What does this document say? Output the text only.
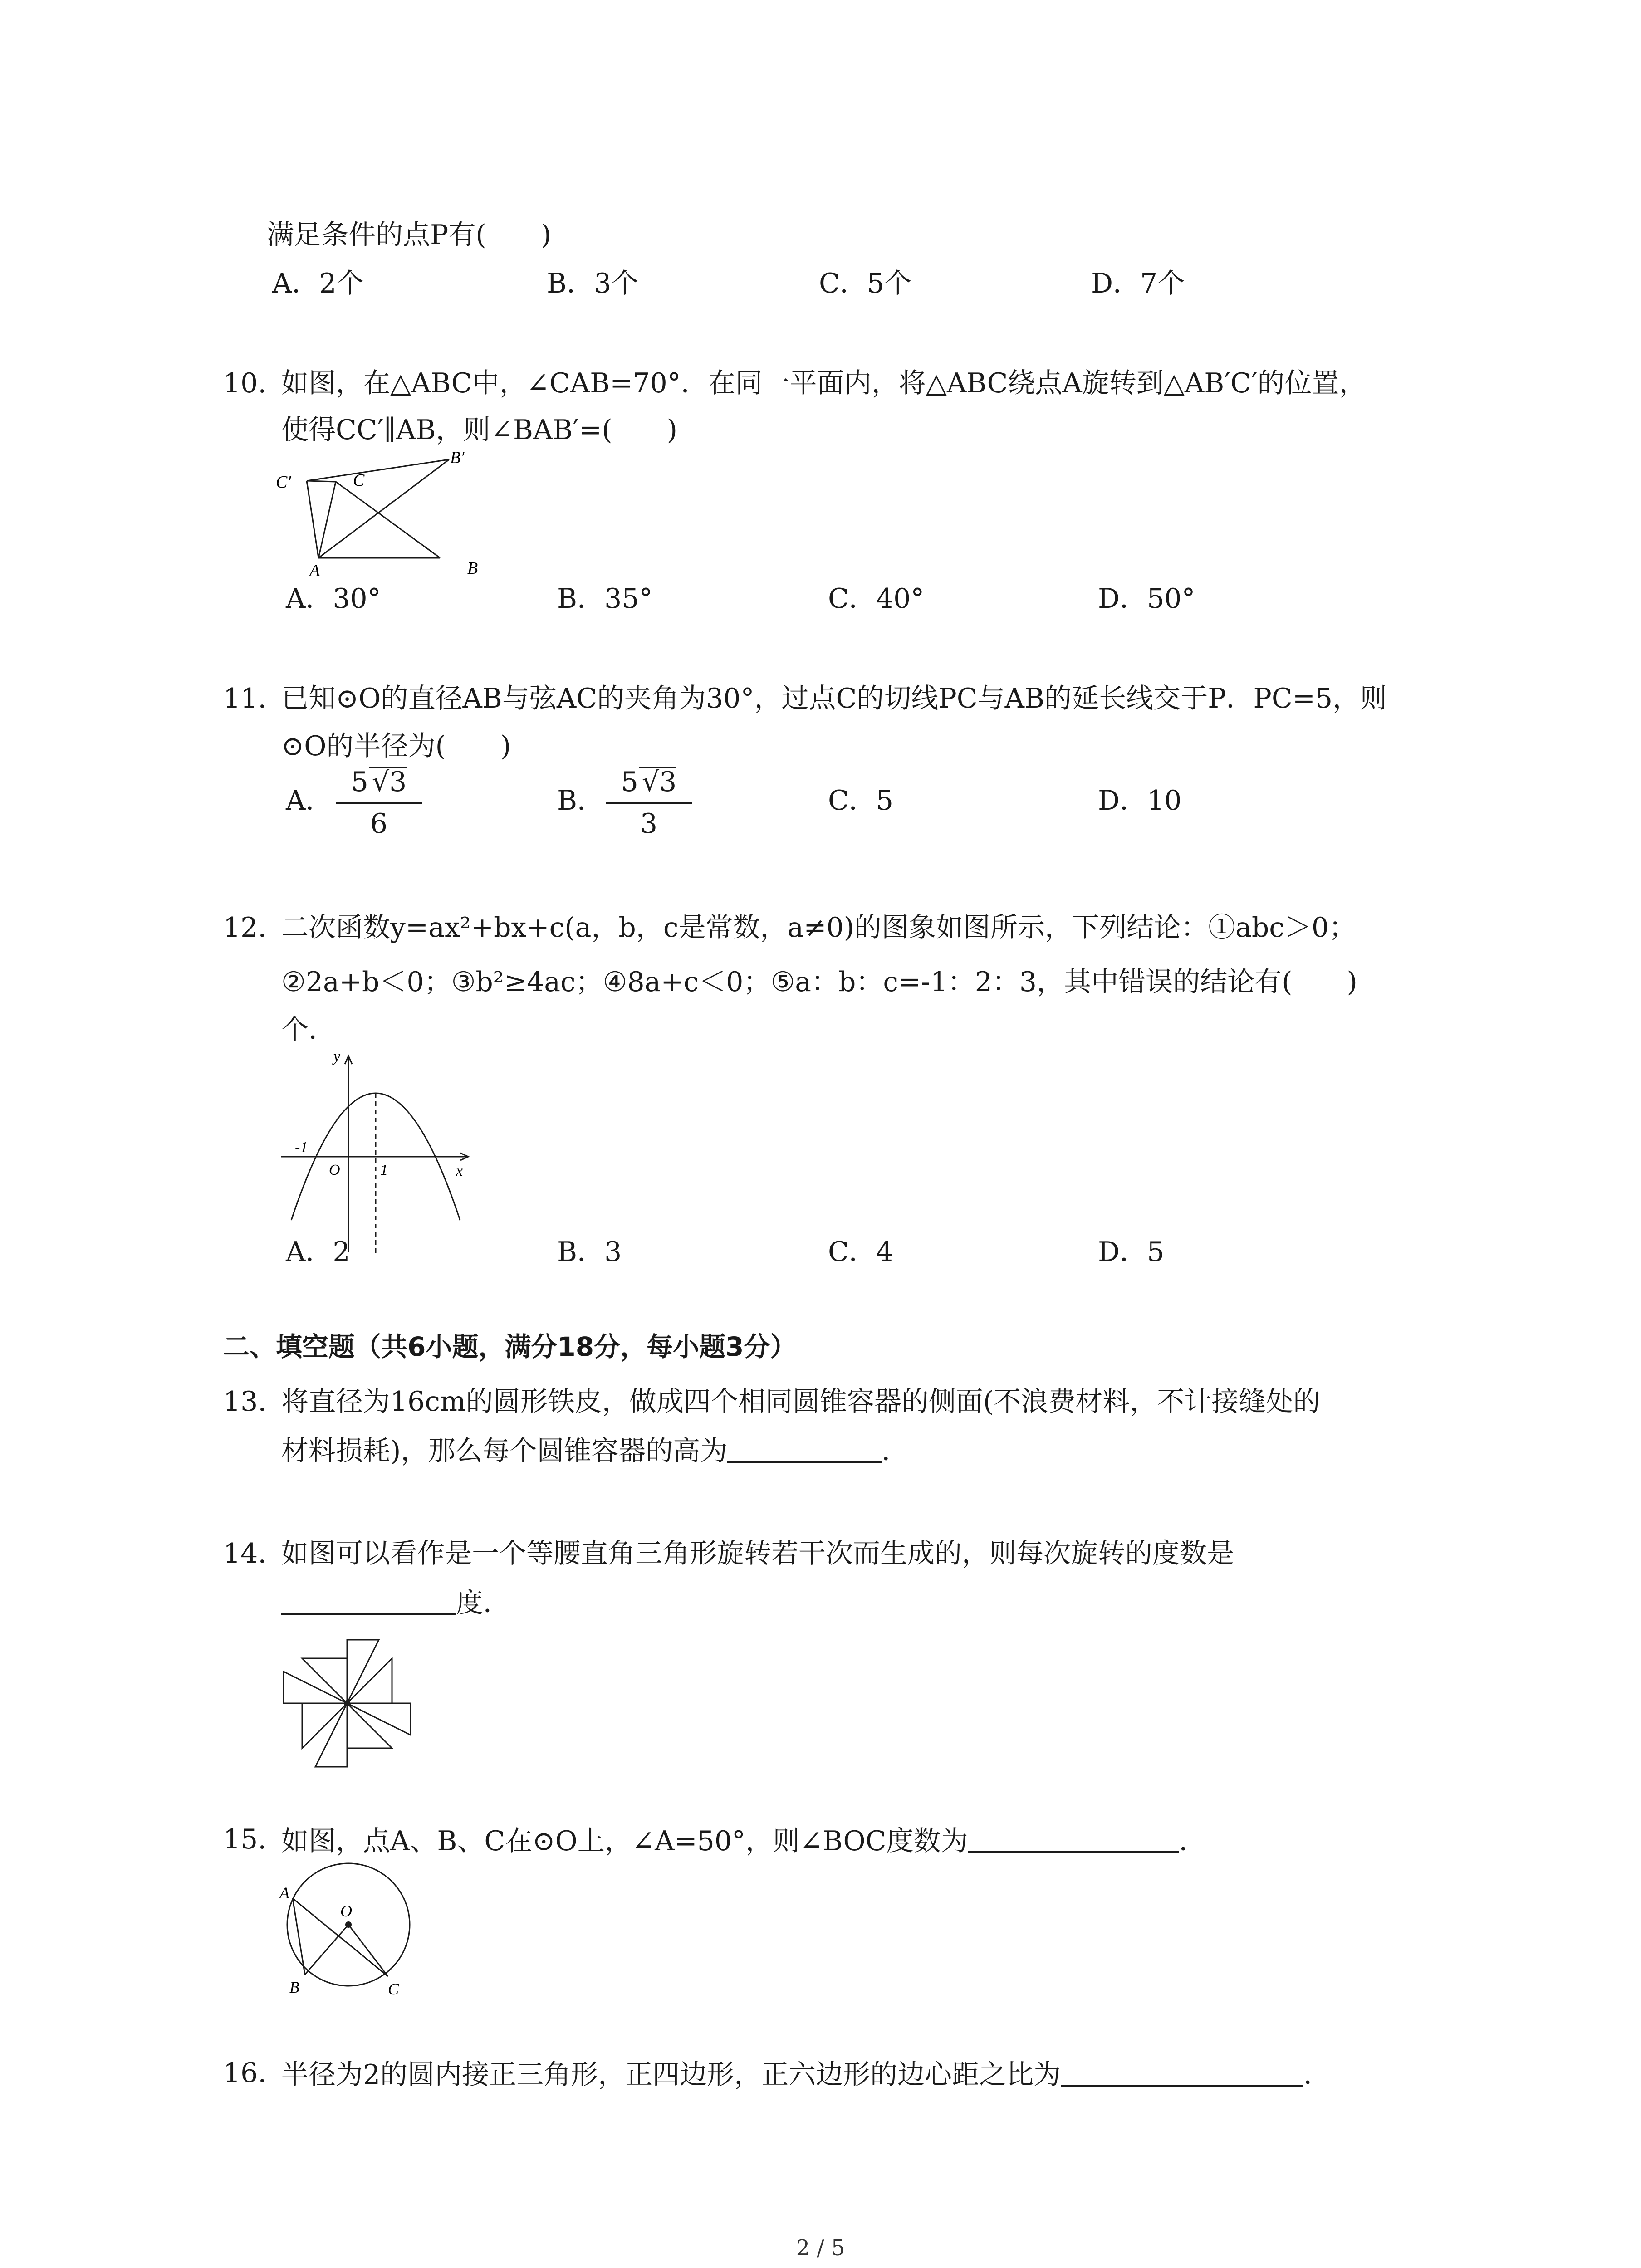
满足条件的点P有(　　)
A．2个	B．3个	C．5个	D．7个
10. 如图，在△ABC中，∠CAB=70°．在同一平面内，将△ABC绕点A旋转到△AB′C′的位置，
使得CC′∥AB，则∠BAB′=(　　)
C′	C
B′
A	B
A．30°	B．35°	C．40°	D．50°
11. 已知⊙O的直径AB与弦AC的夹角为30°，过点C的切线PC与AB的延长线交于P．PC=5，则
⊙O的半径为(　　)
A．
5 √3
6
B．
5 √3
3
C．5	D．10
12. 二次函数y=ax²+bx+c(a，b，c是常数，a≠0)的图象如图所示，下列结论：①abc＞0；
②2a+b＜0；③b²≥4ac；④8a+c＜0；⑤a：b：c=-1：2：3，其中错误的结论有(　　)
个．
y
-1
O	1	x
A．2	B．3	C．4	D．5
二、填空题（共6小题，满分18分，每小题3分）
13. 将直径为16cm的圆形铁皮，做成四个相同圆锥容器的侧面(不浪费材料，不计接缝处的
材料损耗)，那么每个圆锥容器的高为	．
14. 如图可以看作是一个等腰直角三角形旋转若干次而生成的，则每次旋转的度数是
度．
15. 如图，点A、B、C在⊙O上，∠A=50°，则∠BOC度数为	．
A
O
B	C
16. 半径为2的圆内接正三角形，正四边形，正六边形的边心距之比为	．
2 / 5
